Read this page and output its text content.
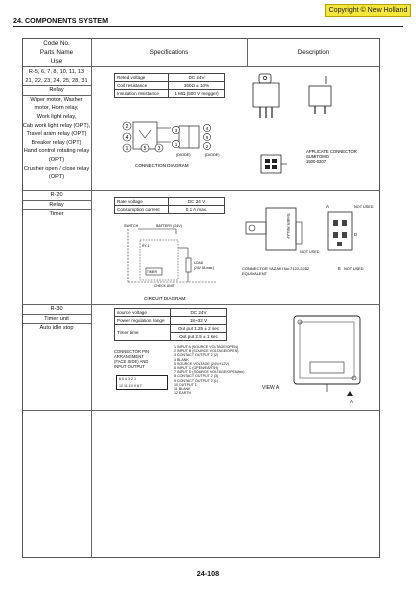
Copyright © New Holland
24. COMPONENTS SYSTEM
Code No.
Parts Name
Use
Specifications	Description
R-5, 6, 7, 8, 10, 11, 13
21, 22, 23, 24, 25, 28, 31
Relay
Wiper motor, Washer
motor, Horn relay,
Work light relay,
Cab work light relay (OPT),
Travel aram relay (OPT)
Breaker relay (OPT)
Hand control rotating relay
(OPT)
Crusher open / close relay
(OPT)
Reted voltage	DC 24V
Coil resistance	360Ω ± 10%
Insulation resistance	1 MΩ (500 V megger)
2
4
1	5 3
3	4
5
2
1
(DIODE)	(DIODE)
CONNECTION DIAGRAM
APPLICATE CONNECTOR
SUMITOMO
1500-0207
R-20
Relay
Timer
Rate voltage	DC 24 V
Consumption current	0.1 A max.
SWITCH	BATTERY (24V)
RY-1
TIMER
LOAD
(24V 3A max.)
CHECK UNIT
CIRCUIT DIAGRAM
TIMER RELAY
A	NOT USED
D
NOT USED
E NOT USED
CONNECTOR YAZAKI No.7122-2252
EQUIVALENT
R-30
Timer unit
Auto idle stop
source voltage	DC 24V
Power regulation range	18~32 V
Timer time	Out put 1.25 ± 2 sec
	Out put 2.5 ± 1 sec
CONNECTOR PIN
ARRANGMENT
(FACE SIDE) AND
INPUT OUTPUT
1 INPUT A (SOURCE VOLTAGE/OPEN)
2 INPUT B (SOURCE VOLTAGE/OPEN)
3 CONTACT OUTPUT 2 (2)
4 BLANK
5 SOURCE VOLTAGE (24V/±12V)
6 INPUT C (OPEN/EARTH)
7 INPUT D (SOURCE VOLTAGE/OPEN/etc)
8 CONTACT OUTPUT 2 (3)
9 CONTACT OUTPUT 2 (1)
10 OUTPUT 1
11 BLANK
12 EARTH
6 5 4 3 2 1
12 11 10 9 8 7
A
VIEW A
24-108
